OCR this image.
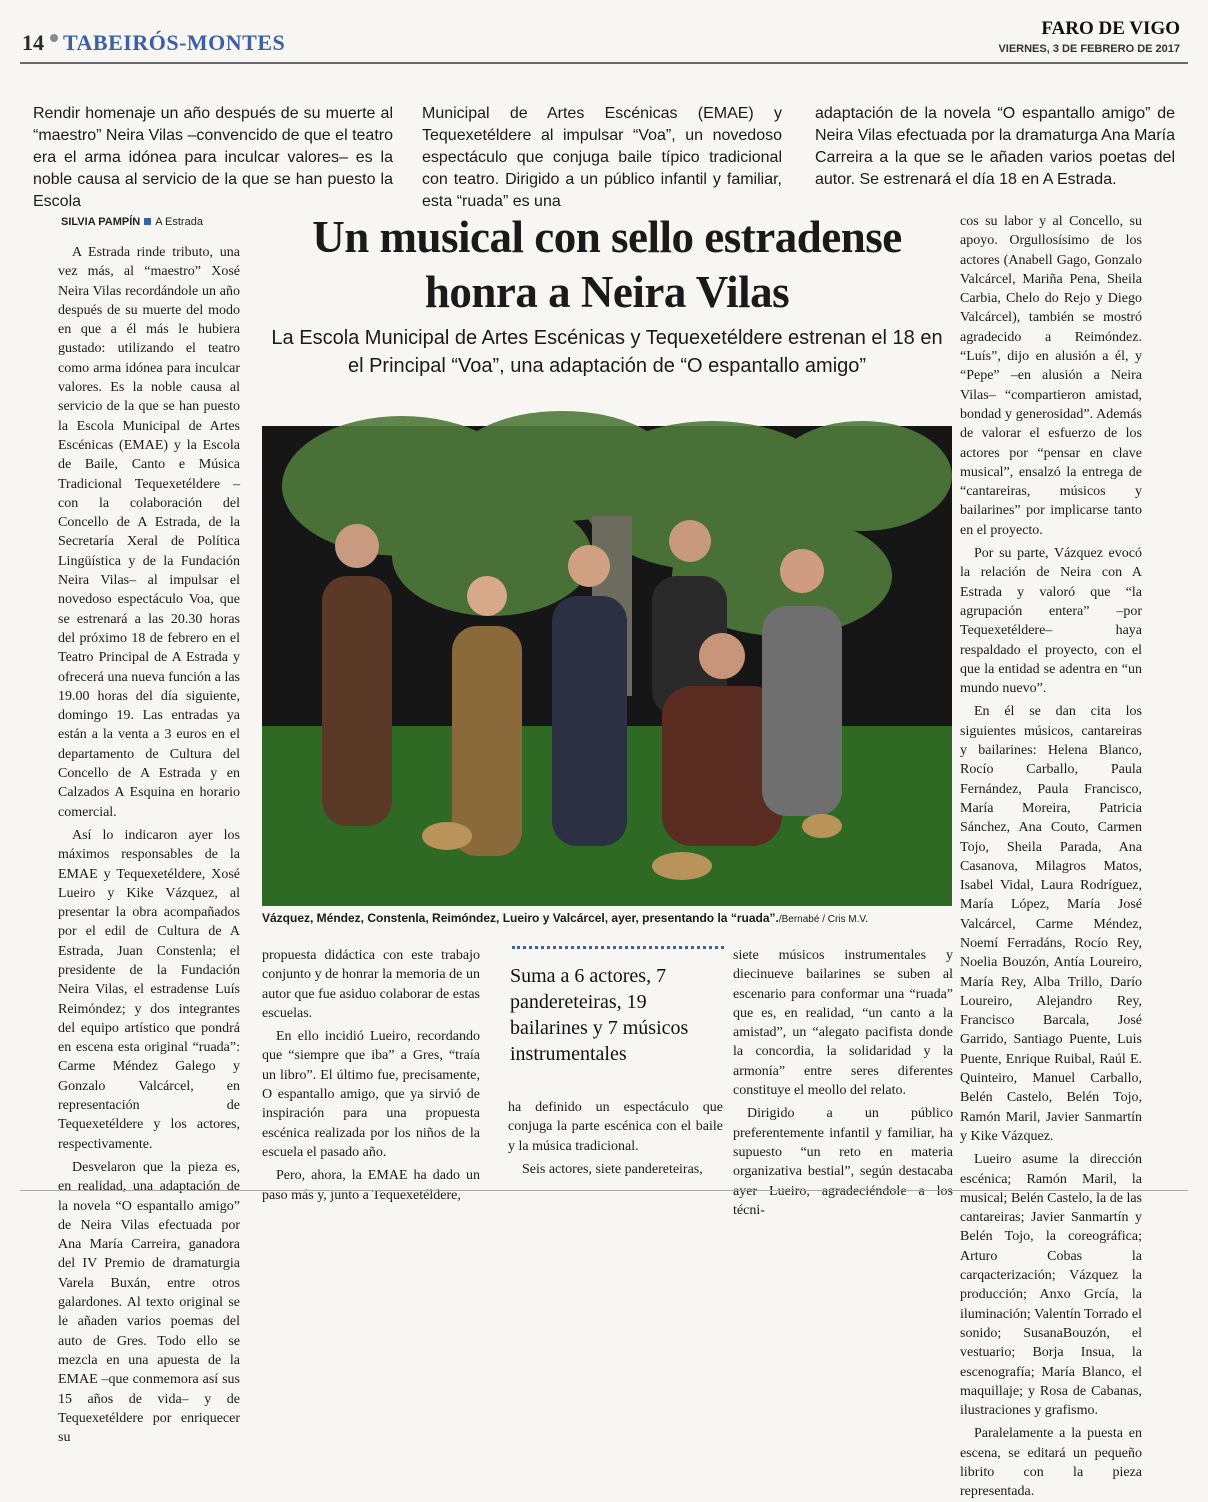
14 TABEIRÓS-MONTES
FARO DE VIGO
VIERNES, 3 DE FEBRERO DE 2017
Rendir homenaje un año después de su muerte al “maestro” Neira Vilas –convencido de que el teatro era el arma idónea para inculcar valores– es la noble causa al servicio de la que se han puesto la Escola
Municipal de Artes Escénicas (EMAE) y Tequexetéldere al impulsar “Voa”, un novedoso espectáculo que conjuga baile típico tradicional con teatro. Dirigido a un público infantil y familiar, esta “ruada” es una
adaptación de la novela “O espantallo amigo” de Neira Vilas efectuada por la dramaturga Ana María Carreira a la que se le añaden varios poetas del autor. Se estrenará el día 18 en A Estrada.
SILVIA PAMPÍN A Estrada

A Estrada rinde tributo, una vez más, al “maestro” Xosé Neira Vilas recordándole un año después de su muerte del modo en que a él más le hubiera gustado: utilizando el teatro como arma idónea para inculcar valores. Es la noble causa al servicio de la que se han puesto la Escola Municipal de Artes Escénicas (EMAE) y la Escola de Baile, Canto e Música Tradicional Tequexetéldere –con la colaboración del Concello de A Estrada, de la Secretaría Xeral de Política Lingüística y de la Fundación Neira Vilas– al impulsar el novedoso espectáculo Voa, que se estrenará a las 20.30 horas del próximo 18 de febrero en el Teatro Principal de A Estrada y ofrecerá una nueva función a las 19.00 horas del día siguiente, domingo 19. Las entradas ya están a la venta a 3 euros en el departamento de Cultura del Concello de A Estrada y en Calzados A Esquina en horario comercial.

Así lo indicaron ayer los máximos responsables de la EMAE y Tequexetéldere, Xosé Lueiro y Kike Vázquez, al presentar la obra acompañados por el edil de Cultura de A Estrada, Juan Constenla; el presidente de la Fundación Neira Vilas, el estradense Luís Reimóndez; y dos integrantes del equipo artístico que pondrá en escena esta original “ruada”: Carme Méndez Galego y Gonzalo Valcárcel, en representación de Tequexetéldere y los actores, respectivamente.

Desvelaron que la pieza es, en realidad, una adaptación de la novela “O espantallo amigo” de Neira Vilas efectuada por Ana María Carreira, ganadora del IV Premio de dramaturgia Varela Buxán, entre otros galardones. Al texto original se le añaden varios poemas del auto de Gres. Todo ello se mezcla en una apuesta de la EMAE –que conmemora así sus 15 años de vida– y de Tequexetéldere por enriquecer su

Un musical con sello estradense honra a Neira Vilas
La Escola Municipal de Artes Escénicas y Tequexetéldere estrenan el 18 en el Principal “Voa”, una adaptación de “O espantallo amigo”
Vázquez, Méndez, Constenla, Reimóndez, Lueiro y Valcárcel, ayer, presentando la “ruada”./Bernabé / Cris M.V.

propuesta didáctica con este trabajo conjunto y de honrar la memoria de un autor que fue asiduo colaborar de estas escuelas.

En ello incidió Lueiro, recordando que “siempre que iba” a Gres, “traía un libro”. El último fue, precisamente, O espantallo amigo, que ya sirvió de inspiración para una propuesta escénica realizada por los niños de la escuela el pasado año.

Pero, ahora, la EMAE ha dado un paso más y, junto a Tequexetéldere,

Suma a 6 actores, 7 pandereteiras, 19 bailarines y 7 músicos instrumentales

ha definido un espectáculo que conjuga la parte escénica con el baile y la música tradicional.

Seis actores, siete pandereteiras,

siete músicos instrumentales y diecinueve bailarines se suben al escenario para conformar una “ruada” que es, en realidad, “un canto a la amistad”, un “alegato pacifista donde la concordia, la solidaridad y la armonía” entre seres diferentes constituye el meollo del relato.

Dirigido a un público preferentemente infantil y familiar, ha supuesto “un reto en materia organizativa bestial”, según destacaba ayer Lueiro, agradeciéndole a los técni-

cos su labor y al Concello, su apoyo. Orgullosísimo de los actores (Anabell Gago, Gonzalo Valcárcel, Mariña Pena, Sheila Carbia, Chelo do Rejo y Diego Valcárcel), también se mostró agradecido a Reimóndez. “Luís”, dijo en alusión a él, y “Pepe” –en alusión a Neira Vilas– “compartieron amistad, bondad y generosidad”. Además de valorar el esfuerzo de los actores por “pensar en clave musical”, ensalzó la entrega de “cantareiras, músicos y bailarines” por implicarse tanto en el proyecto.

Por su parte, Vázquez evocó la relación de Neira con A Estrada y valoró que “la agrupación entera” –por Tequexetéldere– haya respaldado el proyecto, con el que la entidad se adentra en “un mundo nuevo”.

En él se dan cita los siguientes músicos, cantareiras y bailarines: Helena Blanco, Rocío Carballo, Paula Fernández, Paula Francisco, María Moreira, Patricia Sánchez, Ana Couto, Carmen Tojo, Sheila Parada, Ana Casanova, Milagros Matos, Isabel Vidal, Laura Rodríguez, María López, María José Valcárcel, Carme Méndez, Noemí Ferradáns, Rocío Rey, Noelia Bouzón, Antía Loureiro, María Rey, Alba Trillo, Darío Loureiro, Alejandro Rey, Francisco Barcala, José Garrido, Santiago Puente, Luis Puente, Enrique Ruibal, Raúl E. Quinteiro, Manuel Carballo, Belén Castelo, Belén Tojo, Ramón Maril, Javier Sanmartín y Kike Vázquez.

Lueiro asume la dirección escénica; Ramón Maril, la musical; Belén Castelo, la de las cantareiras; Javier Sanmartín y Belén Tojo, la coreográfica; Arturo Cobas la carqacterización; Vázquez la producción; Anxo Grcía, la iluminación; Valentín Torrado el sonido; SusanaBouzón, el vestuario; Borja Insua, la escenografía; María Blanco, el maquillaje; y Rosa de Cabanas, ilustraciones y grafismo.

Paralelamente a la puesta en escena, se editará un pequeño librito con la pieza representada.
